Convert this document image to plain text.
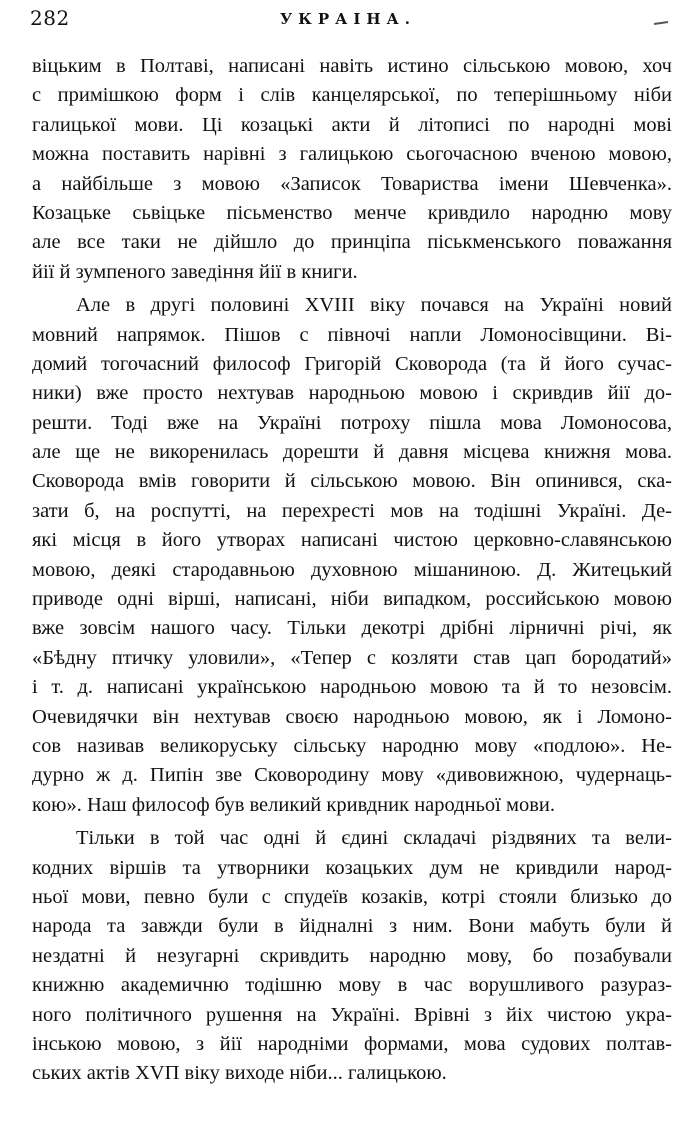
282	УКРАIНА.
віцьким в Полтаві, написані навіть истино сільською мовою, хоч
с примішкою форм і слів канцелярської, по теперішньому ніби
галицької мови. Ці козацькі акти й літописі по народні мові
можна поставить нарівні з галицькою сьогочасною вченою мовою,
а найбільше з мовою «Записок Товариства імени Шевченка».
Козацьке сьвіцьке пісьменство менче кривдило народню мову
але все таки не дійшло до принціпа піськменського поважання
йії й зумпеного заведіння йії в книги.
Але в другі половині XVIII віку почався на Україні новий
мовний напрямок. Пішов с півночі напли Ломоносівщини. Ві-
домий тогочасний философ Григорій Сковорода (та й його сучас-
ники) вже просто нехтував народньою мовою і скривдив йії до-
решти. Тоді вже на Україні потроху пішла мова Ломоносова,
але ще не викоренилась дорешти й давня місцева книжня мова.
Сковорода вмів говорити й сільською мовою. Він опинився, ска-
зати б, на роспутті, на перехресті мов на тодішні Україні. Де-
які місця в його утворах написані чистою церковно-славянською
мовою, деякі стародавньою духовною мішаниною. Д. Житецький
приводе одні вірші, написані, ніби випадком, российською мовою
вже зовсім нашого часу. Тільки декотрі дрібні лірничні річі, як
«Бѣдну птичку уловили», «Тепер с козляти став цап бородатий»
і т. д. написані українською народньою мовою та й то незовсім.
Очевидячки він нехтував своєю народньою мовою, як і Ломоно-
сов називав великоруську сільську народню мову «подлою». Не-
дурно ж д. Пипін зве Сковородину мову «дивовижною, чудернаць-
кою». Наш философ був великий кривдник народньої мови.
Тільки в той час одні й єдині складачі різдвяних та вели-
кодних віршів та утворники козацьких дум не кривдили народ-
ньої мови, певно були с спудеїв козаків, котрі стояли близько до
народа та завжди були в йідналні з ним. Вони мабуть були й
нездатні й незугарні скривдить народню мову, бо позабували
книжню академичню тодішню мову в час ворушливого разураз-
ного політичного рушення на Україні. Врівні з йіх чистою укра-
інською мовою, з йії народніми формами, мова судових полтав-
ських актів XVП віку виходе ніби... галицькою.
